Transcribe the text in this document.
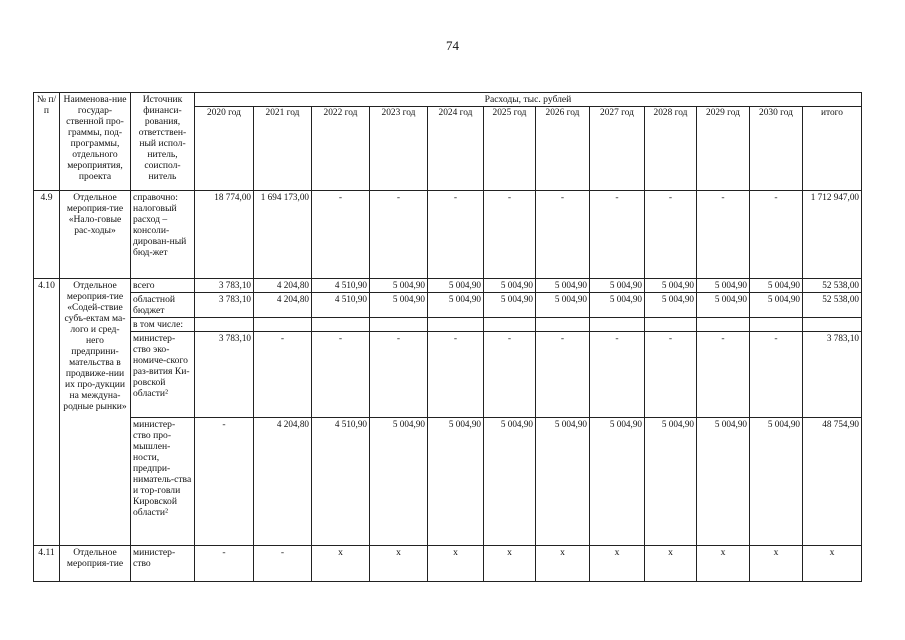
74
№ п/п	Наименова-ние государ-ственной про-граммы, под-программы, отдельного мероприятия, проекта	Источник финанси-рования, ответствен-ный испол-нитель, соиспол-нитель	Расходы, тыс. рублей											
			2020 год	2021 год	2022 год	2023 год	2024 год	2025 год	2026 год	2027 год	2028 год	2029 год	2030 год	итого
4.9	Отдельное мероприя-тие «Нало-говые рас-ходы»	справочно: налоговый расход – консоли-дирован-ный бюд-жет	18 774,00	1 694 173,00	-	-	-	-	-	-	-	-	-	1 712 947,00
4.10	Отдельное мероприя-тие «Содей-ствие субъ-ектам ма-лого и сред-него предприни-мательства в продвиже-нии их про-дукции на междуна-родные рынки»	всего	3 783,10	4 204,80	4 510,90	5 004,90	5 004,90	5 004,90	5 004,90	5 004,90	5 004,90	5 004,90	5 004,90	52 538,00
		областной бюджет	3 783,10	4 204,80	4 510,90	5 004,90	5 004,90	5 004,90	5 004,90	5 004,90	5 004,90	5 004,90	5 004,90	52 538,00
		в том числе:												
		министер-ство эко-номиче-ского раз-вития Ки-ровской области²	3 783,10	-	-	-	-	-	-	-	-	-	-	3 783,10
		министер-ство про-мышлен-ности, предпри-ниматель-ства и тор-говли Кировской области²	-	4 204,80	4 510,90	5 004,90	5 004,90	5 004,90	5 004,90	5 004,90	5 004,90	5 004,90	5 004,90	48 754,90
4.11	Отдельное мероприя-тие	министер-ство	-	-	x	x	x	x	x	x	x	x	x	x
